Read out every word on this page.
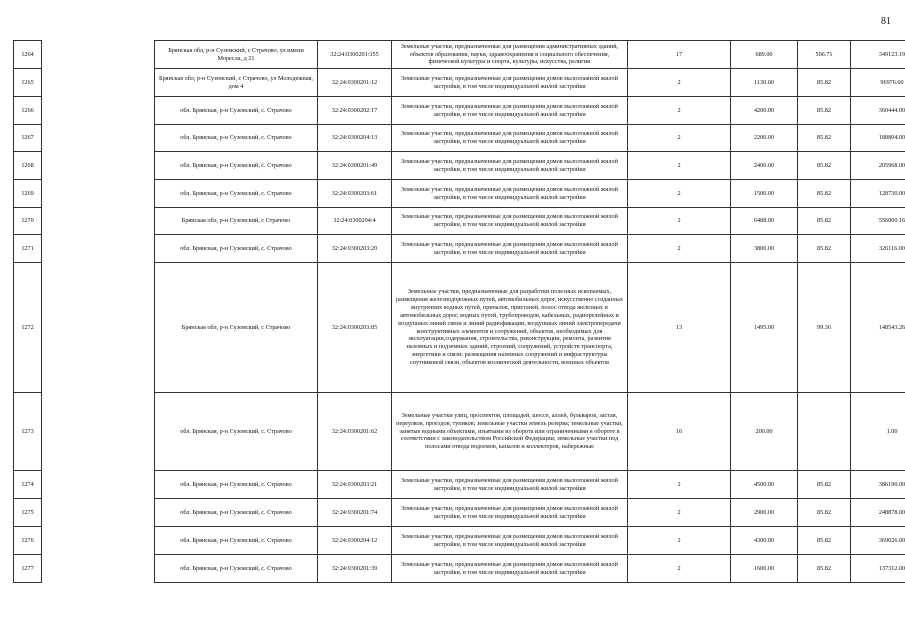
81
1264		Брянская обл, р-н Суземский, с Страчово, ул имени Моресла, д 21	32:24:0300201:155	Земельные участки, предназначенные для размещения административных зданий, объектов образования, науки, здравоохранения и социального обеспечения, физической культуры и спорта, культуры, искусства, религии	17	689.00	506.71	349123.19
1265		Брянская обл, р-н Суземский, с Страчово, ул Молодежная, дом 4	32:24:0300201:12	Земельные участки, предназначенные для размещения домов малоэтажной жилой застройки, в том числе индивидуальной жилой застройки	2	1130.00	85.82	96976.60
1266		обл. Брянская, р-н Суземский, с. Страчово	32:24:0300202:17	Земельные участки, предназначенные для размещения домов малоэтажной жилой застройки, в том числе индивидуальной жилой застройки	2	4200.00	85.82	360444.00
1267		обл. Брянская, р-н Суземский, с. Страчово	32:24:0300204:13	Земельные участки, предназначенные для размещения домов малоэтажной жилой застройки, в том числе индивидуальной жилой застройки	2	2200.00	85.82	188804.00
1268		обл. Брянская, р-н Суземский, с. Страчово	32:24:0300201:49	Земельные участки, предназначенные для размещения домов малоэтажной жилой застройки, в том числе индивидуальной жилой застройки	2	2400.00	85.82	205968.00
1269		обл. Брянская, р-н Суземский, с. Страчово	32:24:0300203:61	Земельные участки, предназначенные для размещения домов малоэтажной жилой застройки, в том числе индивидуальной жилой застройки	2	1500.00	85.82	128730.00
1270		Брянская обл, р-н Суземский, с Страчово	32:24:0300204:4	Земельные участки, предназначенные для размещения домов малоэтажной жилой застройки, в том числе индивидуальной жилой застройки	2	6488.00	85.82	556800.16
1271		обл. Брянская, р-н Суземский, с. Страчово	32:24:0300203:20	Земельные участки, предназначенные для размещения домов малоэтажной жилой застройки, в том числе индивидуальной жилой застройки	2	3800.00	85.82	326116.00
1272		Брянская обл, р-н Суземский, с Страчово	32:24:0300203:85	Земельные участки, предназначенные для разработки полезных ископаемых, размещения железнодорожных путей, автомобильных дорог, искусственно созданных внутренних водных путей, причалов, пристаней, полос отвода железных и автомобильных дорог, водных путей, трубопроводов, кабельных, радиорелейных и воздушных линий связи и линий радиофикации, воздушных линий электропередачи конструктивных элементов и сооружений, объектов, необходимых для эксплуатации,содержания, строительства, реконструкции, ремонта, развития наземных и подземных зданий, строений, сооружений, устройств транспорта, энергетики и связи; размещения наземных сооружений и инфраструктуры спутниковой связи, объектов космической деятельности, военных объектов	13	1495.00	99.36	148543.26
1273		обл. Брянская, р-н Суземский, с. Страчово	32:24:0300201:62	Земельные участки улиц, проспектов, площадей, шоссе, аллей, бульваров, застав, переулков, проездов, тупиков; земельные участки земель резерва; земельные участки, занятые водными объектами, изъятыми из оборота или ограниченными в обороте в соответствии с законодательством Российской Федерации; земельные участки под полосами отвода водоемов, каналов и коллекторов, набережные	16	200.00		1.00
1274		обл. Брянская, р-н Суземский, с. Страчово	32:24:0300203:21	Земельные участки, предназначенные для размещения домов малоэтажной жилой застройки, в том числе индивидуальной жилой застройки	2	4500.00	85.82	386190.00
1275		обл. Брянская, р-н Суземский, с. Страчово	32:24:0300201:74	Земельные участки, предназначенные для размещения домов малоэтажной жилой застройки, в том числе индивидуальной жилой застройки	2	2900.00	85.82	248878.00
1276		обл. Брянская, р-н Суземский, с. Страчово	32:24:0300204:12	Земельные участки, предназначенные для размещения домов малоэтажной жилой застройки, в том числе индивидуальной жилой застройки	2	4300.00	85.82	369026.00
1277		обл. Брянская, р-н Суземский, с. Страчово	32:24:0300201:39	Земельные участки, предназначенные для размещения домов малоэтажной жилой застройки, в том числе индивидуальной жилой застройки	2	1600.00	85.82	137312.00
